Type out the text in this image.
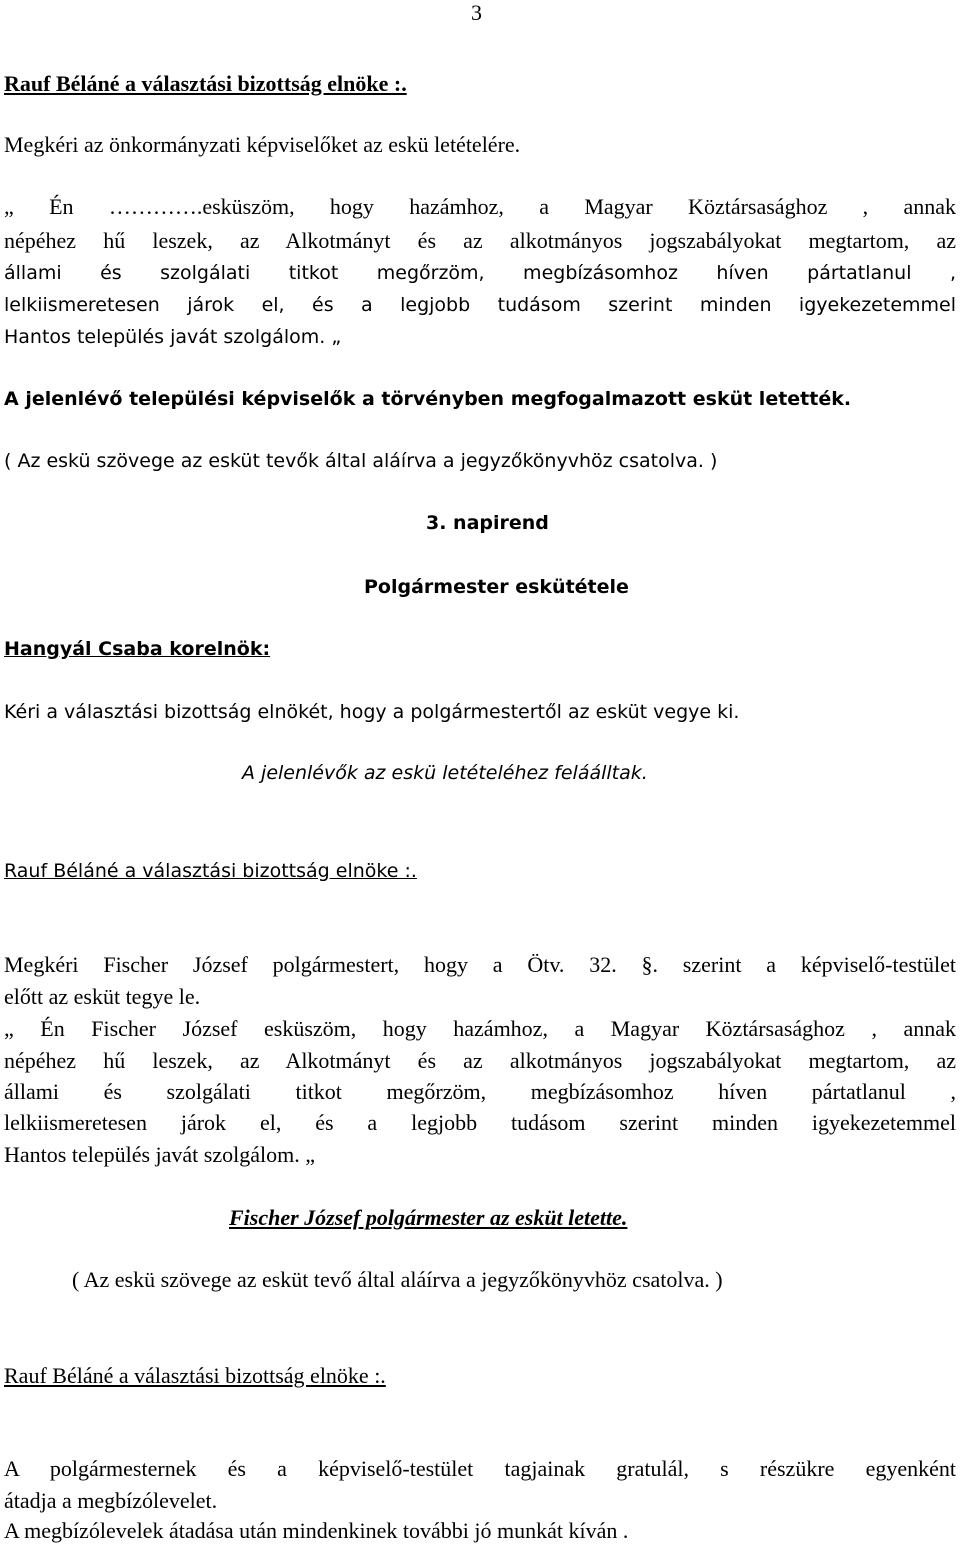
3
Rauf Béláné a választási bizottság elnöke :.
Megkéri az önkormányzati képviselőket az eskü letételére.
„ Én ………….esküszöm, hogy hazámhoz, a Magyar Köztársasághoz , annak
népéhez hű leszek, az Alkotmányt és az alkotmányos jogszabályokat megtartom, az
állami és szolgálati titkot megőrzöm, megbízásomhoz híven pártatlanul ,
lelkiismeretesen járok el, és a legjobb tudásom szerint minden igyekezetemmel
Hantos település javát szolgálom. „
A jelenlévő települési képviselők a törvényben megfogalmazott esküt letették.
( Az eskü szövege az esküt tevők által aláírva a jegyzőkönyvhöz csatolva. )
3. napirend
Polgármester eskütétele
Hangyál Csaba korelnök:
Kéri a választási bizottság elnökét, hogy a polgármestertől az esküt vegye ki.
A jelenlévők az eskü letételéhez feláálltak.
Rauf Béláné a választási bizottság elnöke :.
Megkéri Fischer József polgármestert, hogy a Ötv. 32. §. szerint a képviselő-testület
előtt az esküt tegye le.
„ Én Fischer József esküszöm, hogy hazámhoz, a Magyar Köztársasághoz , annak
népéhez hű leszek, az Alkotmányt és az alkotmányos jogszabályokat megtartom, az
állami és szolgálati titkot megőrzöm, megbízásomhoz híven pártatlanul ,
lelkiismeretesen járok el, és a legjobb tudásom szerint minden igyekezetemmel
Hantos település javát szolgálom. „
Fischer József polgármester az esküt letette.
( Az eskü szövege az esküt tevő által aláírva a jegyzőkönyvhöz csatolva. )
Rauf Béláné a választási bizottság elnöke :.
A polgármesternek és a képviselő-testület tagjainak gratulál, s részükre egyenként
átadja a megbízólevelet.
A megbízólevelek átadása után mindenkinek további jó munkát kíván .
